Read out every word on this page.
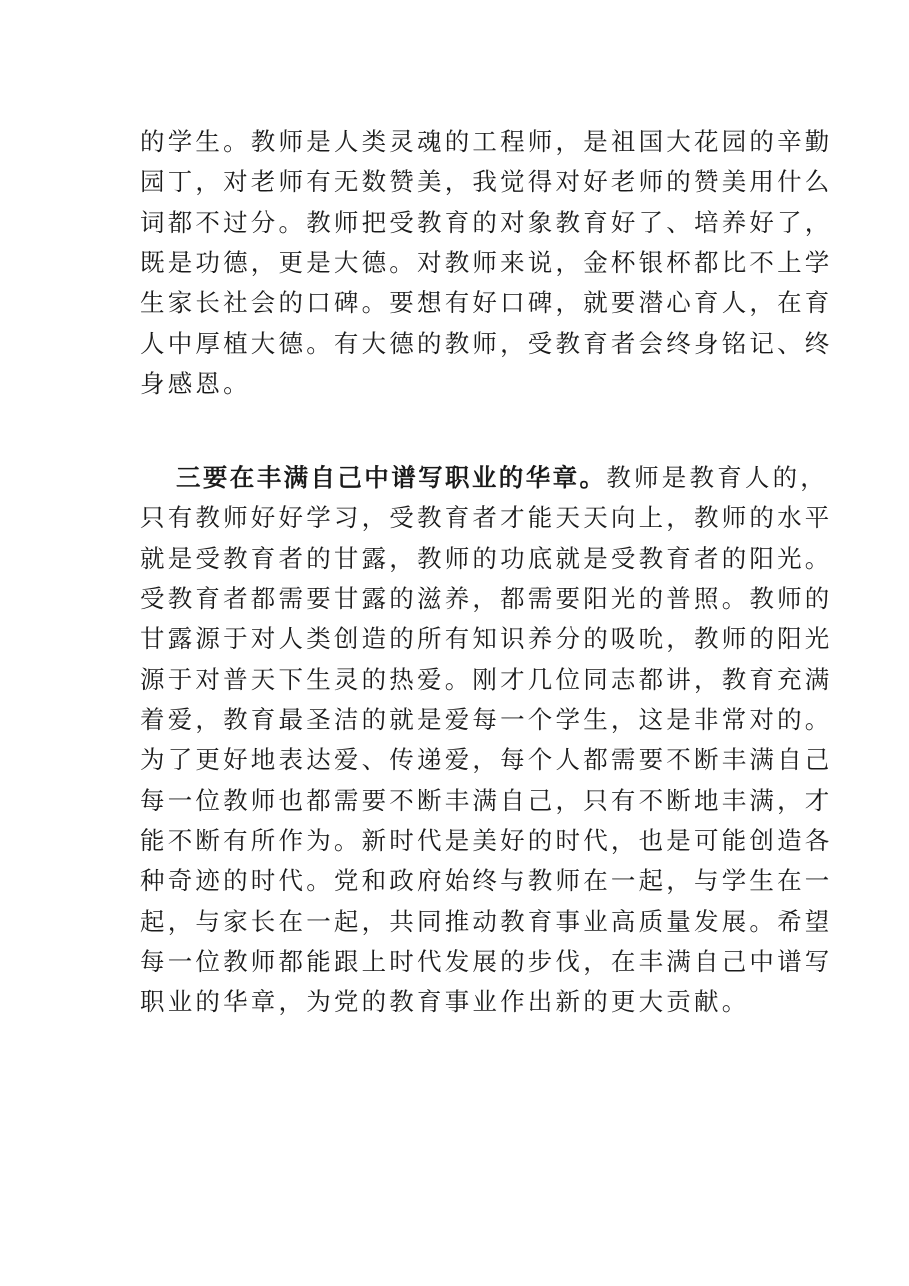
的学生。教师是人类灵魂的工程师，是祖国大花园的辛勤
园丁，对老师有无数赞美，我觉得对好老师的赞美用什么
词都不过分。教师把受教育的对象教育好了、培养好了，
既是功德，更是大德。对教师来说，金杯银杯都比不上学
生家长社会的口碑。要想有好口碑，就要潜心育人，在育
人中厚植大德。有大德的教师，受教育者会终身铭记、终
身感恩。
三要在丰满自己中谱写职业的华章。教师是教育人的，
只有教师好好学习，受教育者才能天天向上，教师的水平
就是受教育者的甘露，教师的功底就是受教育者的阳光。
受教育者都需要甘露的滋养，都需要阳光的普照。教师的
甘露源于对人类创造的所有知识养分的吸吮，教师的阳光
源于对普天下生灵的热爱。刚才几位同志都讲，教育充满
着爱，教育最圣洁的就是爱每一个学生，这是非常对的。
为了更好地表达爱、传递爱，每个人都需要不断丰满自己
每一位教师也都需要不断丰满自己，只有不断地丰满，才
能不断有所作为。新时代是美好的时代，也是可能创造各
种奇迹的时代。党和政府始终与教师在一起，与学生在一
起，与家长在一起，共同推动教育事业高质量发展。希望
每一位教师都能跟上时代发展的步伐，在丰满自己中谱写
职业的华章，为党的教育事业作出新的更大贡献。
